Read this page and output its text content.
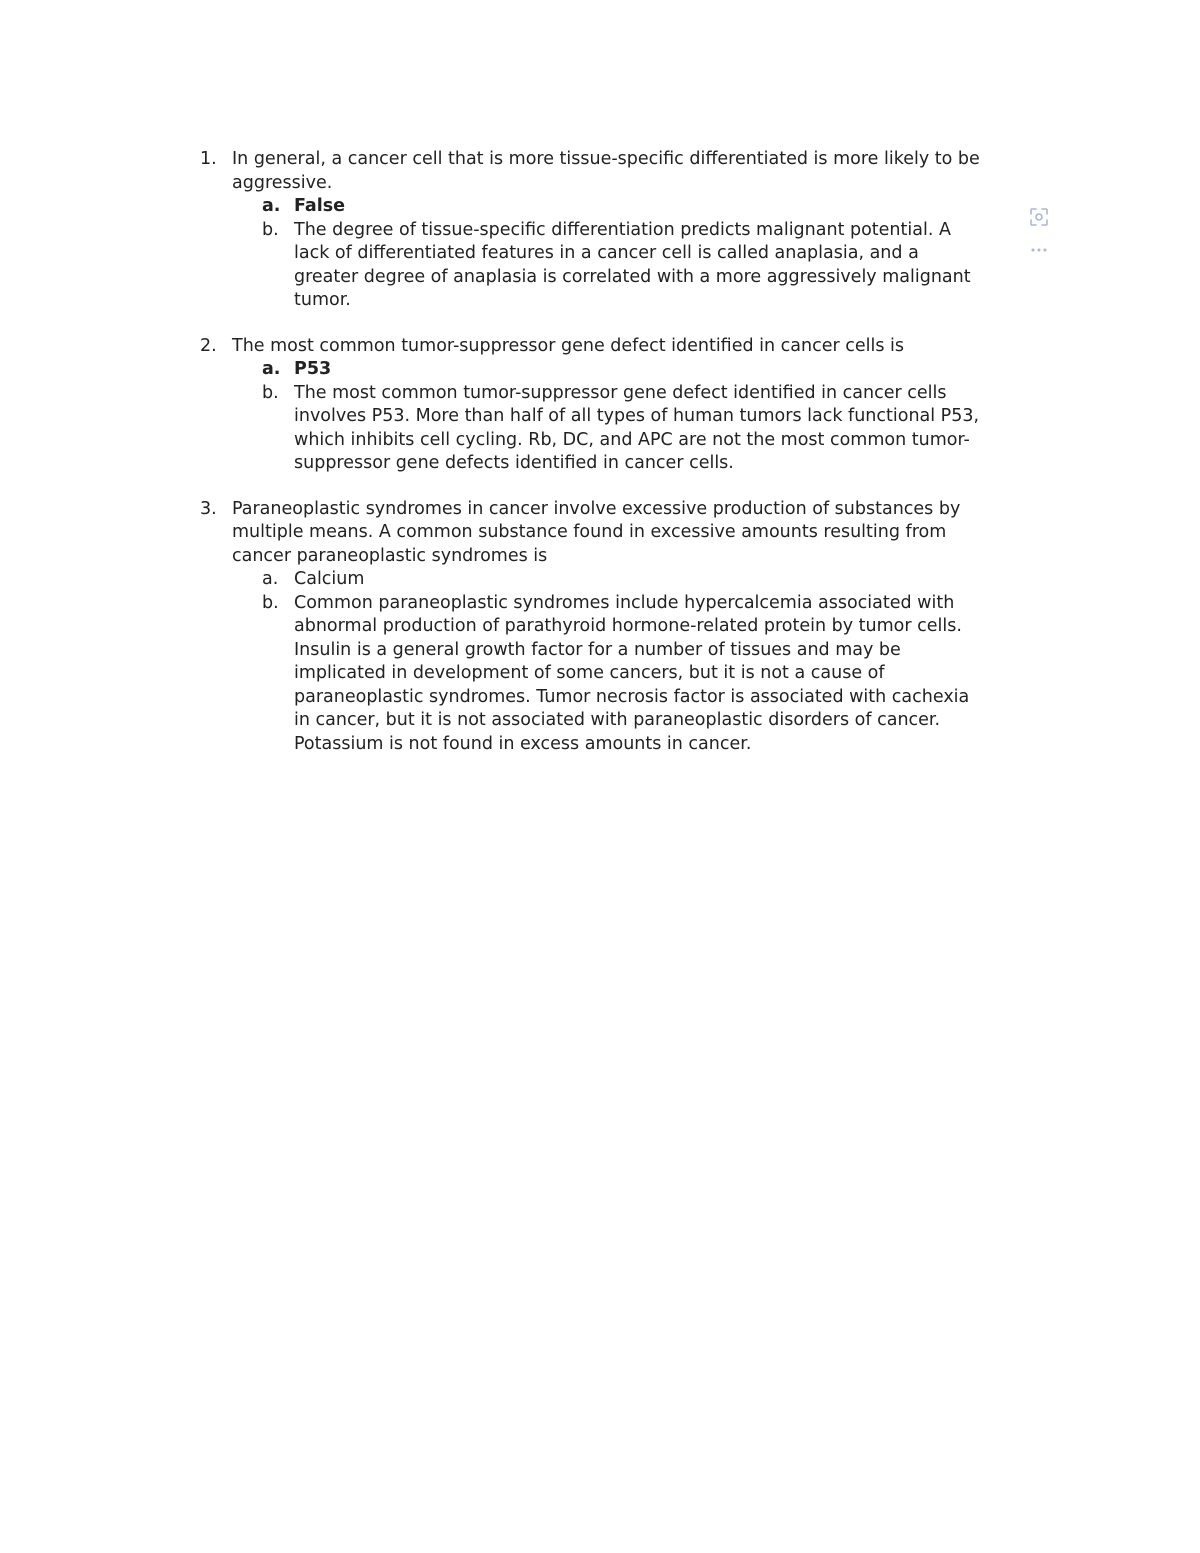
1. In general, a cancer cell that is more tissue-specific differentiated is more likely to be aggressive.
a. False
b. The degree of tissue-specific differentiation predicts malignant potential. A lack of differentiated features in a cancer cell is called anaplasia, and a greater degree of anaplasia is correlated with a more aggressively malignant tumor.
2. The most common tumor-suppressor gene defect identified in cancer cells is
a. P53
b. The most common tumor-suppressor gene defect identified in cancer cells involves P53. More than half of all types of human tumors lack functional P53, which inhibits cell cycling. Rb, DC, and APC are not the most common tumor-suppressor gene defects identified in cancer cells.
3. Paraneoplastic syndromes in cancer involve excessive production of substances by multiple means. A common substance found in excessive amounts resulting from cancer paraneoplastic syndromes is
a. Calcium
b. Common paraneoplastic syndromes include hypercalcemia associated with abnormal production of parathyroid hormone-related protein by tumor cells. Insulin is a general growth factor for a number of tissues and may be implicated in development of some cancers, but it is not a cause of paraneoplastic syndromes. Tumor necrosis factor is associated with cachexia in cancer, but it is not associated with paraneoplastic disorders of cancer. Potassium is not found in excess amounts in cancer.
